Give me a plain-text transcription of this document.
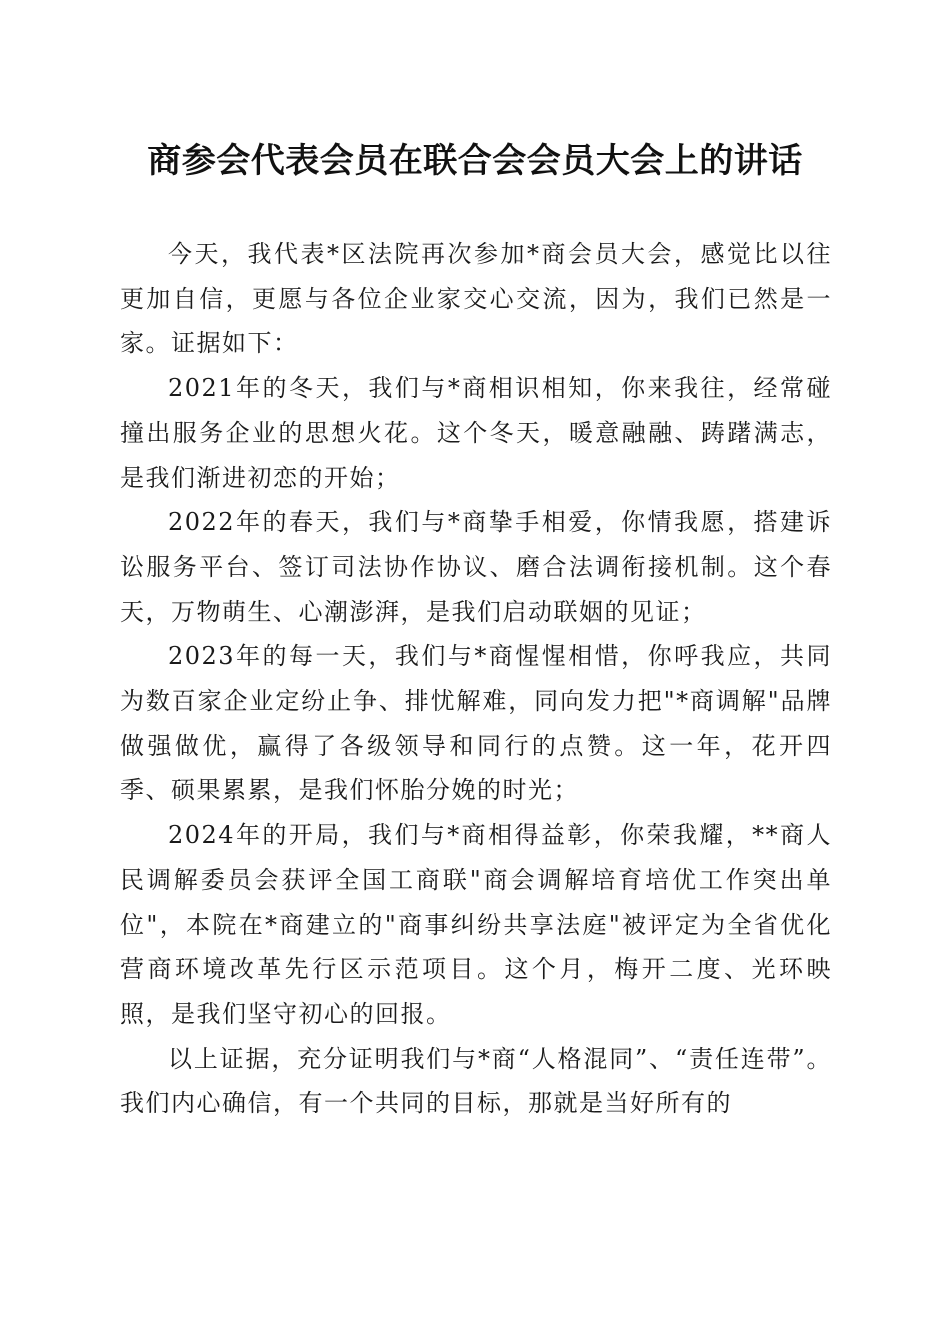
商参会代表会员在联合会会员大会上的讲话

今天，我代表*区法院再次参加*商会员大会，感觉比以往更加自信，更愿与各位企业家交心交流，因为，我们已然是一家。证据如下：

2021年的冬天，我们与*商相识相知，你来我往，经常碰撞出服务企业的思想火花。这个冬天，暖意融融、踌躇满志，是我们渐进初恋的开始；

2022年的春天，我们与*商挚手相爱，你情我愿，搭建诉讼服务平台、签订司法协作协议、磨合法调衔接机制。这个春天，万物萌生、心潮澎湃，是我们启动联姻的见证；

2023年的每一天，我们与*商惺惺相惜，你呼我应，共同为数百家企业定纷止争、排忧解难，同向发力把"*商调解"品牌做强做优，赢得了各级领导和同行的点赞。这一年，花开四季、硕果累累，是我们怀胎分娩的时光；

2024年的开局，我们与*商相得益彰，你荣我耀，**商人民调解委员会获评全国工商联"商会调解培育培优工作突出单位"，本院在*商建立的"商事纠纷共享法庭"被评定为全省优化营商环境改革先行区示范项目。这个月，梅开二度、光环映照，是我们坚守初心的回报。

以上证据，充分证明我们与*商“人格混同”、“责任连带”。我们内心确信，有一个共同的目标，那就是当好所有的
